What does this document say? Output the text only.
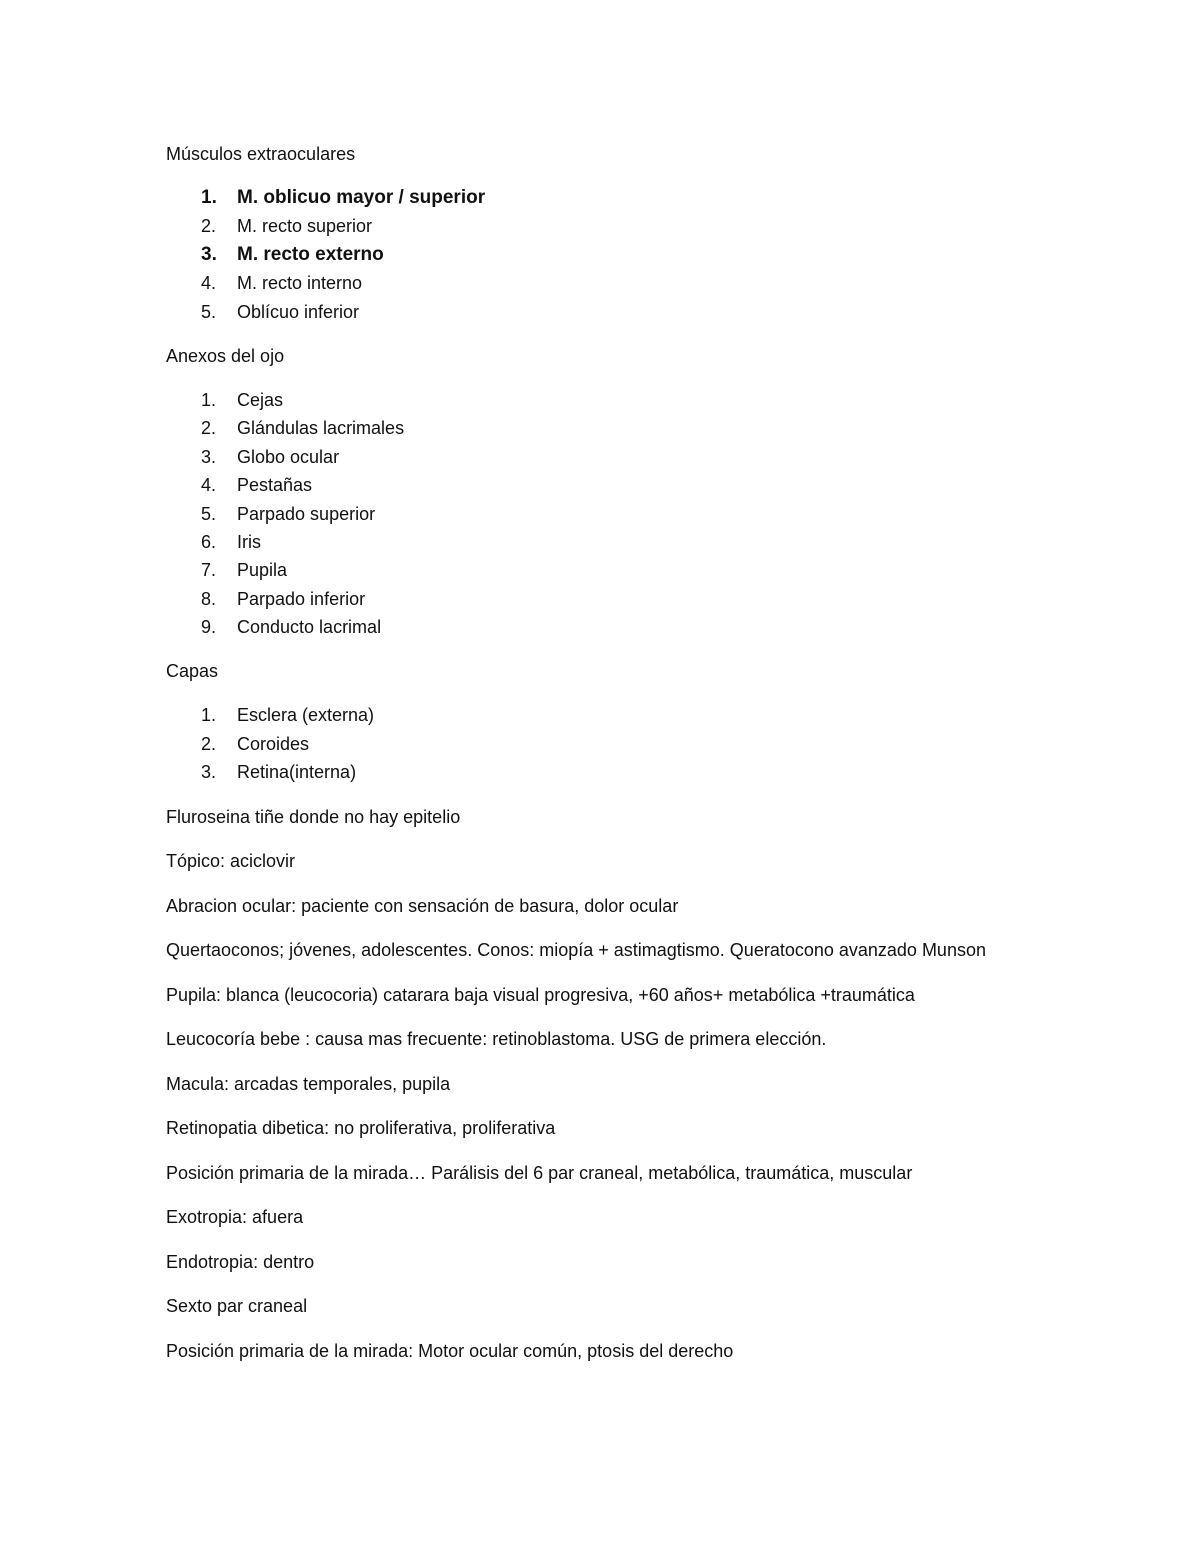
Músculos extraoculares
1. M. oblicuo mayor / superior
2. M. recto superior
3. M. recto externo
4. M. recto interno
5. Oblícuo inferior
Anexos del ojo
1. Cejas
2. Glándulas lacrimales
3. Globo ocular
4. Pestañas
5. Parpado superior
6. Iris
7. Pupila
8. Parpado inferior
9. Conducto lacrimal
Capas
1. Esclera (externa)
2. Coroides
3. Retina(interna)

Fluroseina tiñe donde no hay epitelio

Tópico: aciclovir

Abracion ocular: paciente con sensación de basura, dolor ocular

Quertaoconos; jóvenes, adolescentes. Conos: miopía + astimagtismo. Queratocono avanzado Munson

Pupila: blanca (leucocoria) catarara baja visual progresiva, +60 años+ metabólica +traumática

Leucocoría bebe : causa mas frecuente: retinoblastoma. USG de primera elección.

Macula: arcadas temporales, pupila

Retinopatia dibetica: no proliferativa, proliferativa

Posición primaria de la mirada… Parálisis del 6 par craneal, metabólica, traumática, muscular

Exotropia: afuera

Endotropia: dentro

Sexto par craneal

Posición primaria de la mirada: Motor ocular común, ptosis del derecho
